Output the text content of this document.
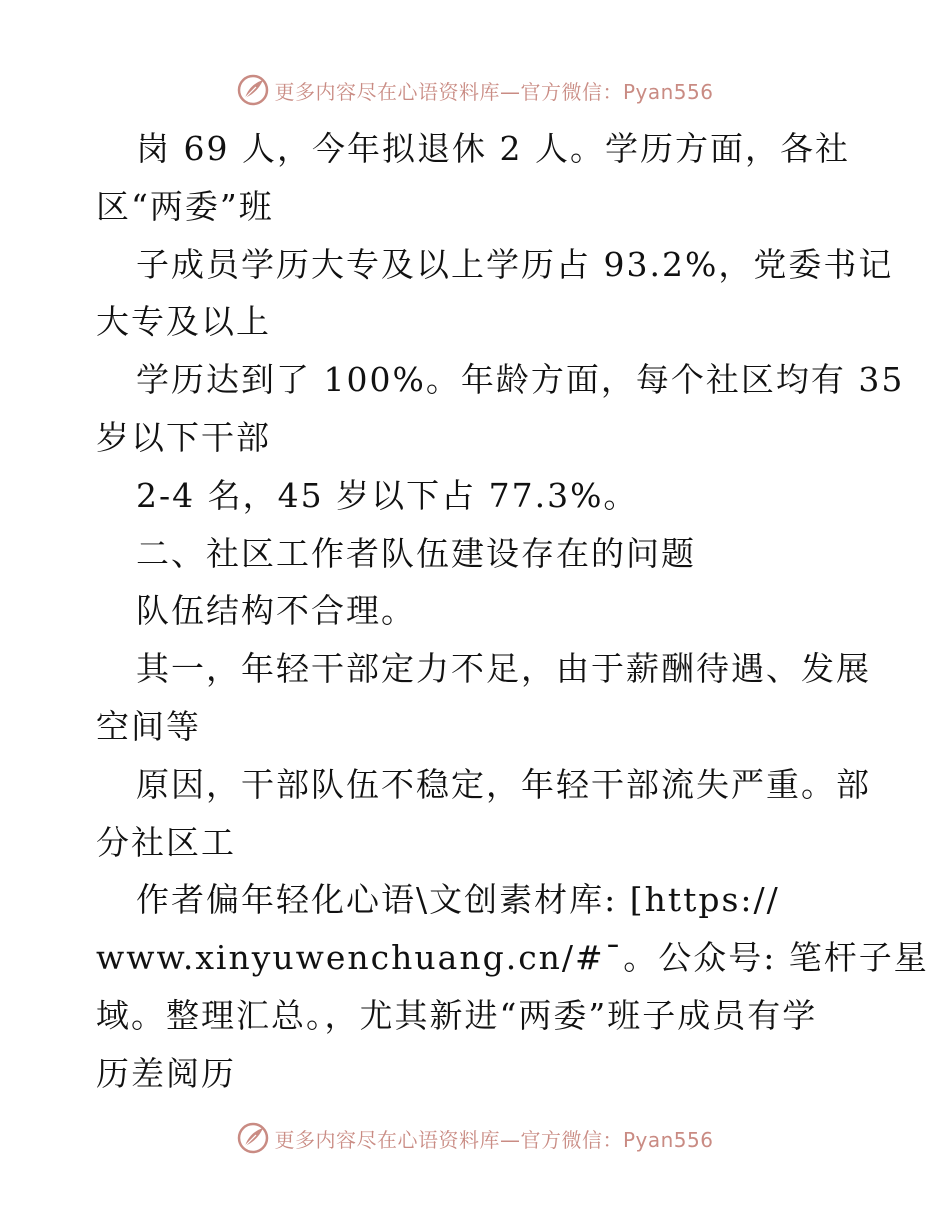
更多内容尽在心语资料库—官方微信：Pyan556
岗 69 人，今年拟退休 2 人。学历方面，各社
区“两委”班
子成员学历大专及以上学历占 93.2%，党委书记
大专及以上
学历达到了 100%。年龄方面，每个社区均有 35
岁以下干部
2-4 名，45 岁以下占 77.3%。
二、社区工作者队伍建设存在的问题
队伍结构不合理。
其一，年轻干部定力不足，由于薪酬待遇、发展
空间等
原因，干部队伍不稳定，年轻干部流失严重。部
分社区工
作者偏年轻化心语\文创素材库: [https://
www.xinyuwenchuang.cn/#¯。公众号: 笔杆子星
域。整理汇总。，尤其新进“两委”班子成员有学
历差阅历
更多内容尽在心语资料库—官方微信：Pyan556
